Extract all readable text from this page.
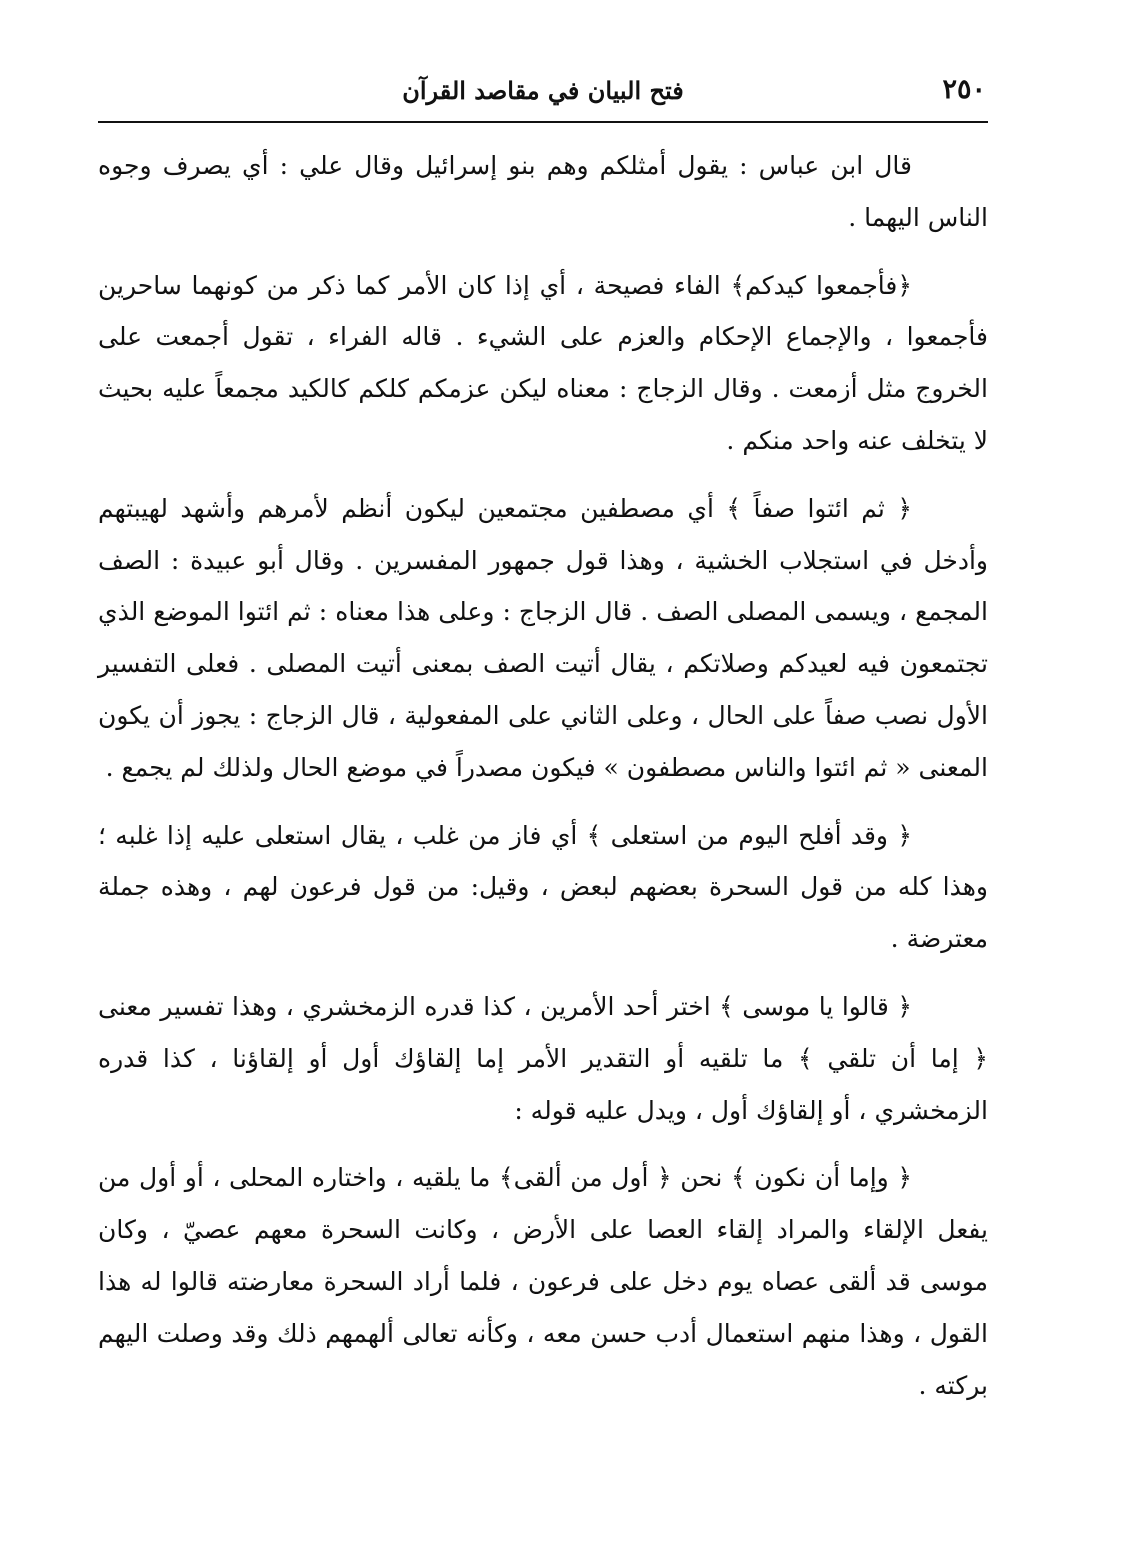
٢٥٠
فتح البيان في مقاصد القرآن

قال ابن عباس : يقول أمثلكم وهم بنو إسرائيل وقال علي : أي يصرف وجوه الناس اليهما .

﴿فأجمعوا كيدكم﴾ الفاء فصيحة ، أي إذا كان الأمر كما ذكر من كونهما ساحرين فأجمعوا ، والإجماع الإحكام والعزم على الشيء . قاله الفراء ، تقول أجمعت على الخروج مثل أزمعت . وقال الزجاج : معناه ليكن عزمكم كلكم كالكيد مجمعاً عليه بحيث لا يتخلف عنه واحد منكم .

﴿ ثم ائتوا صفاً ﴾ أي مصطفين مجتمعين ليكون أنظم لأمرهم وأشهد لهيبتهم وأدخل في استجلاب الخشية ، وهذا قول جمهور المفسرين . وقال أبو عبيدة : الصف المجمع ، ويسمى المصلى الصف . قال الزجاج : وعلى هذا معناه : ثم ائتوا الموضع الذي تجتمعون فيه لعيدكم وصلاتكم ، يقال أتيت الصف بمعنى أتيت المصلى . فعلى التفسير الأول نصب صفاً على الحال ، وعلى الثاني على المفعولية ، قال الزجاج : يجوز أن يكون المعنى « ثم ائتوا والناس مصطفون » فيكون مصدراً في موضع الحال ولذلك لم يجمع .

﴿ وقد أفلح اليوم من استعلى ﴾ أي فاز من غلب ، يقال استعلى عليه إذا غلبه ؛ وهذا كله من قول السحرة بعضهم لبعض ، وقيل: من قول فرعون لهم ، وهذه جملة معترضة .

﴿ قالوا يا موسى ﴾ اختر أحد الأمرين ، كذا قدره الزمخشري ، وهذا تفسير معنى ﴿ إما أن تلقي ﴾ ما تلقيه أو التقدير الأمر إما إلقاؤك أول أو إلقاؤنا ، كذا قدره الزمخشري ، أو إلقاؤك أول ، ويدل عليه قوله :

﴿ وإما أن نكون ﴾ نحن ﴿ أول من ألقى﴾ ما يلقيه ، واختاره المحلى ، أو أول من يفعل الإلقاء والمراد إلقاء العصا على الأرض ، وكانت السحرة معهم عصيّ ، وكان موسى قد ألقى عصاه يوم دخل على فرعون ، فلما أراد السحرة معارضته قالوا له هذا القول ، وهذا منهم استعمال أدب حسن معه ، وكأنه تعالى ألهمهم ذلك وقد وصلت اليهم بركته .
